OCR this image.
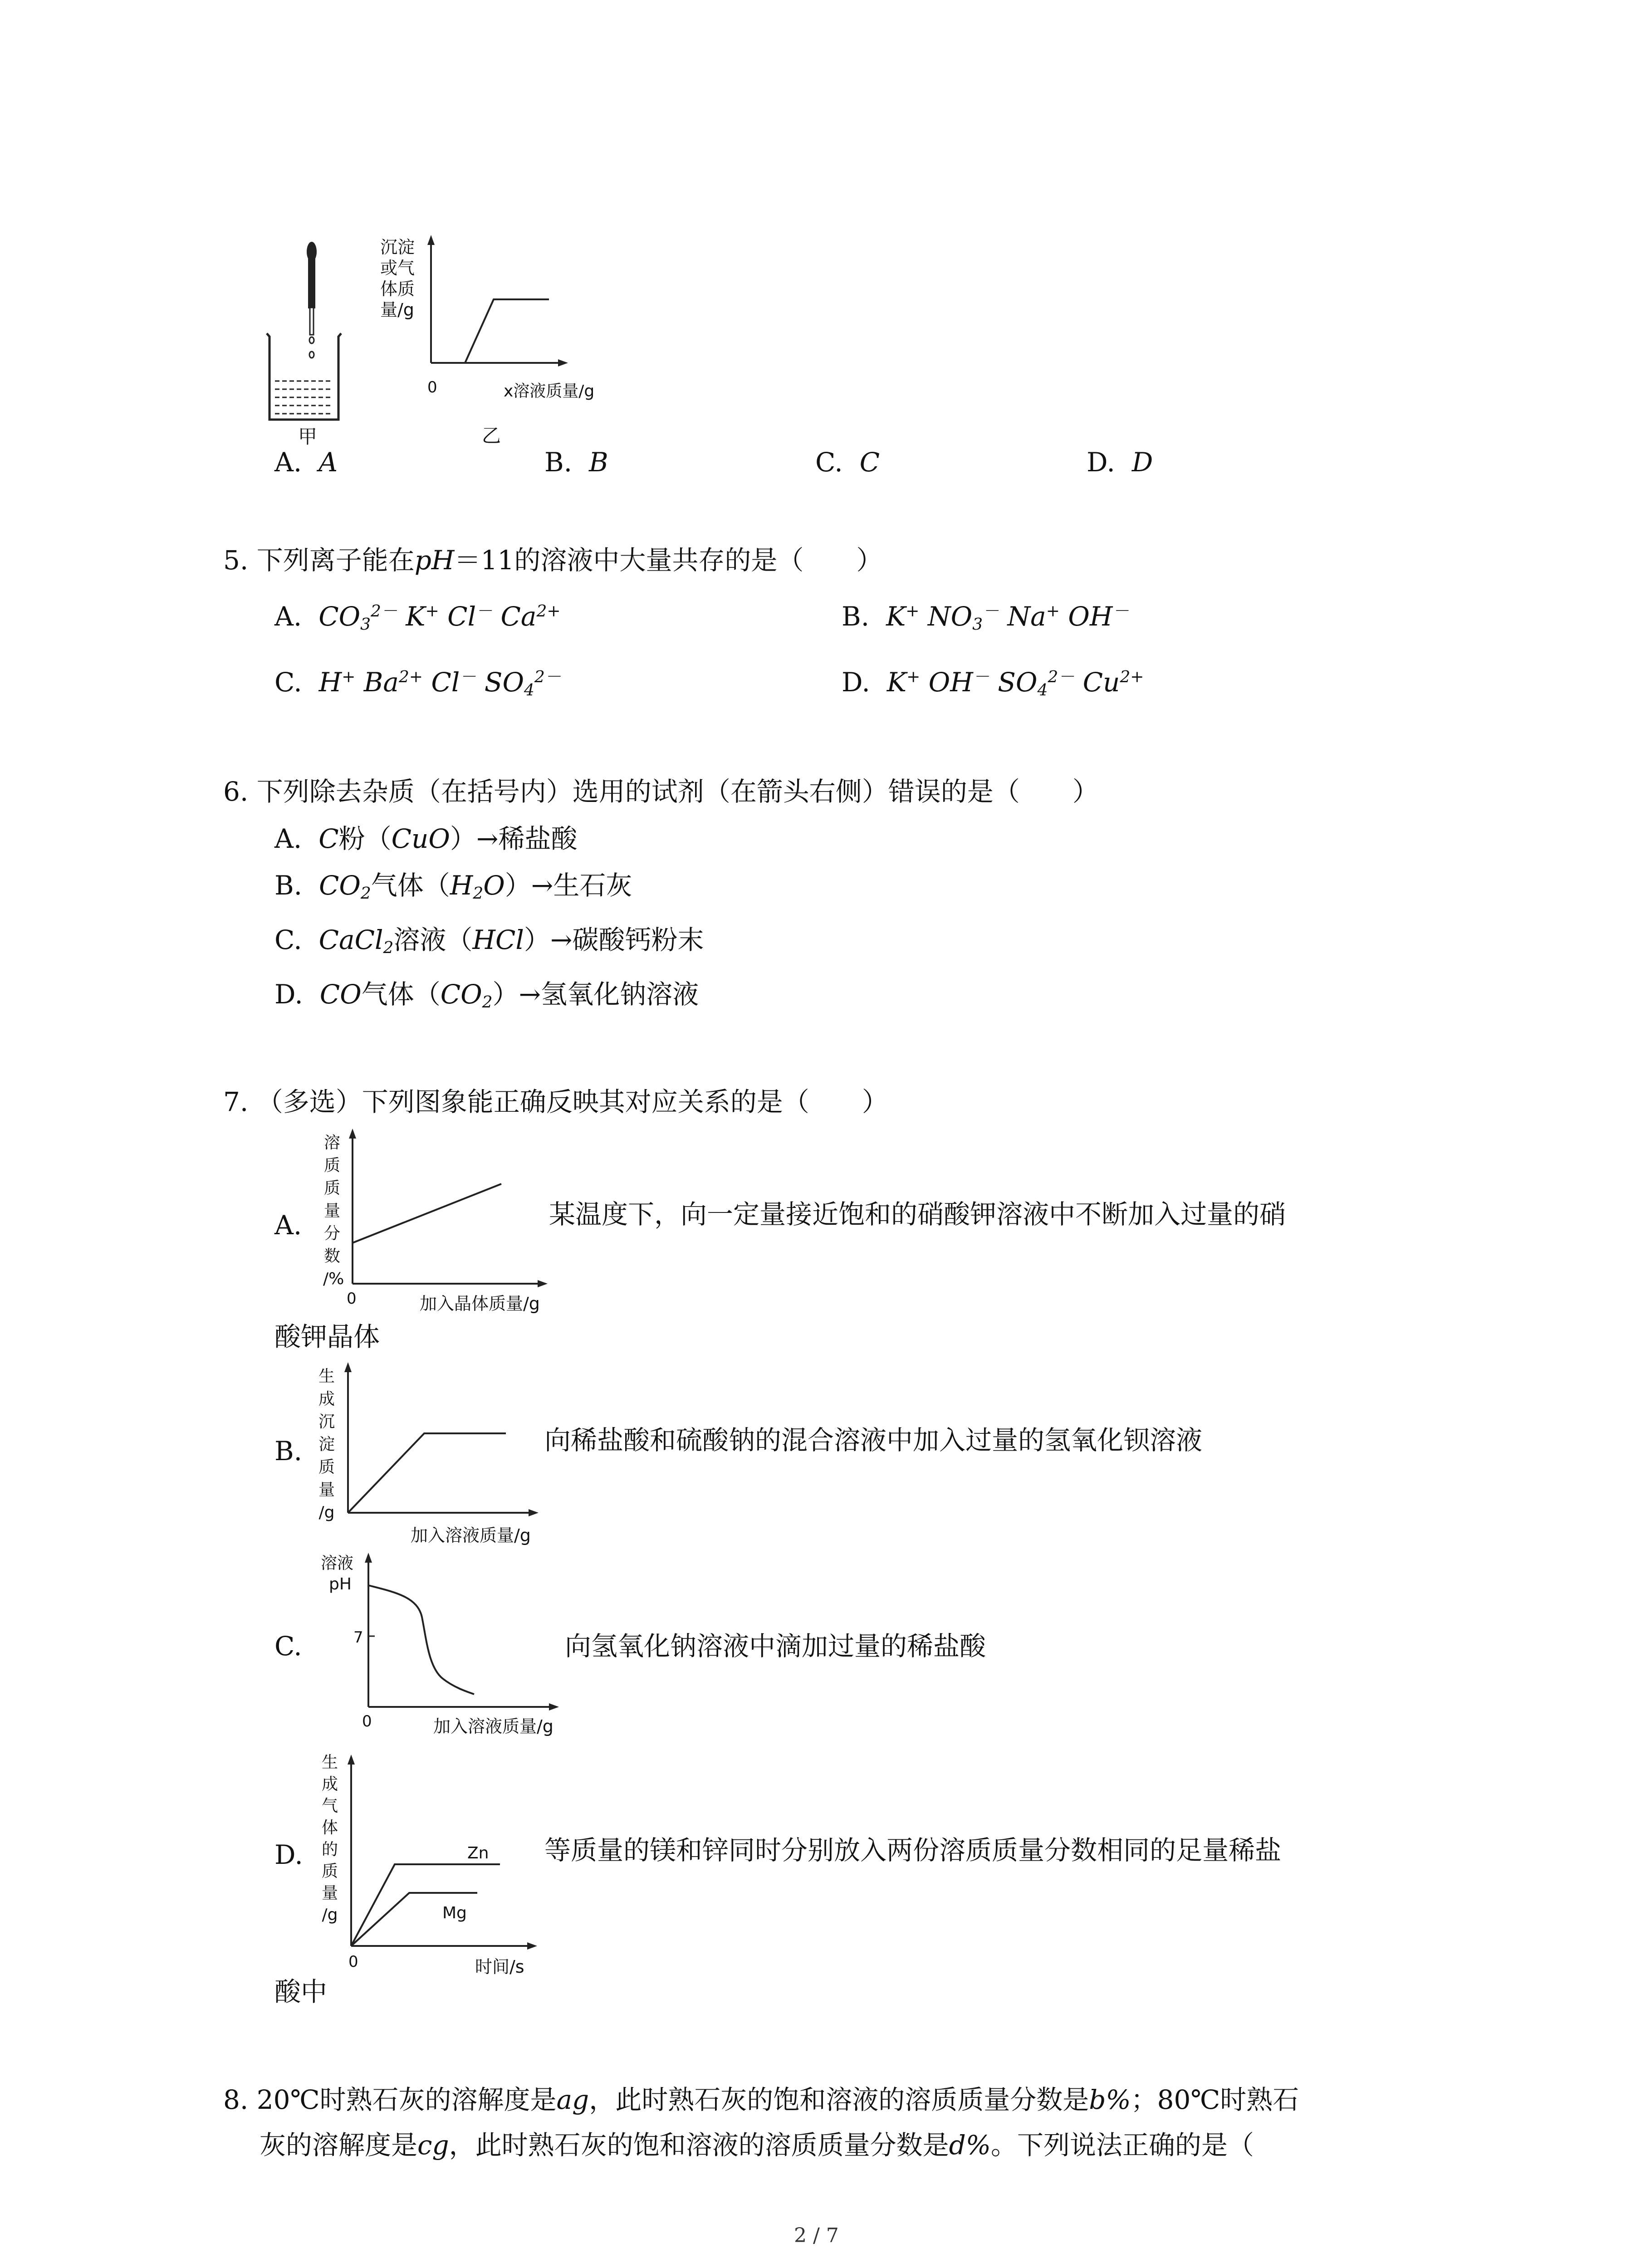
甲
沉淀
或气
体质
量/g
0	x溶液质量/g
乙
A. A	B. B	C. C	D. D
5. 下列离子能在pH＝11的溶液中大量共存的是（　　）
A. $CO_3^{2-}$ K+ Cl－ $Ca^{2+}$	B. K+ $NO_3^-$ Na+ OH－
C. H+ $Ba^{2+}$ Cl－ $SO_4^{2-}$	D. K+ OH－ $SO_4^{2-}$ $Cu^{2+}$
6. 下列除去杂质（在括号内）选用的试剂（在箭头右侧）错误的是（　　）
A. C粉（CuO）→稀盐酸
B. $CO_2$气体$(H_2O)\to$生石灰
C. CaCl$_2$溶液（HCl）→碳酸钙粉末
D. CO气体$(CO_2)\to$氢氧化钠溶液
7. （多选）下列图象能正确反映其对应关系的是（　　）
A.
溶
质
质
量
分
数
/%
0	加入晶体质量/g
某温度下，向一定量接近饱和的硝酸钾溶液中不断加入过量的硝
酸钾晶体
B.
生
成
沉
淀
质
量
/g
加入溶液质量/g
向稀盐酸和硫酸钠的混合溶液中加入过量的氢氧化钡溶液
C.
溶液
pH
7
0	加入溶液质量/g
向氢氧化钠溶液中滴加过量的稀盐酸
D.
生
成
气
体
的
质
量
/g
Zn
Mg
0	时间/s
等质量的镁和锌同时分别放入两份溶质质量分数相同的足量稀盐
酸中
8. 20℃时熟石灰的溶解度是ag，此时熟石灰的饱和溶液的溶质质量分数是b%；80℃时熟石
灰的溶解度是cg，此时熟石灰的饱和溶液的溶质质量分数是d%。下列说法正确的是（
2 / 7
